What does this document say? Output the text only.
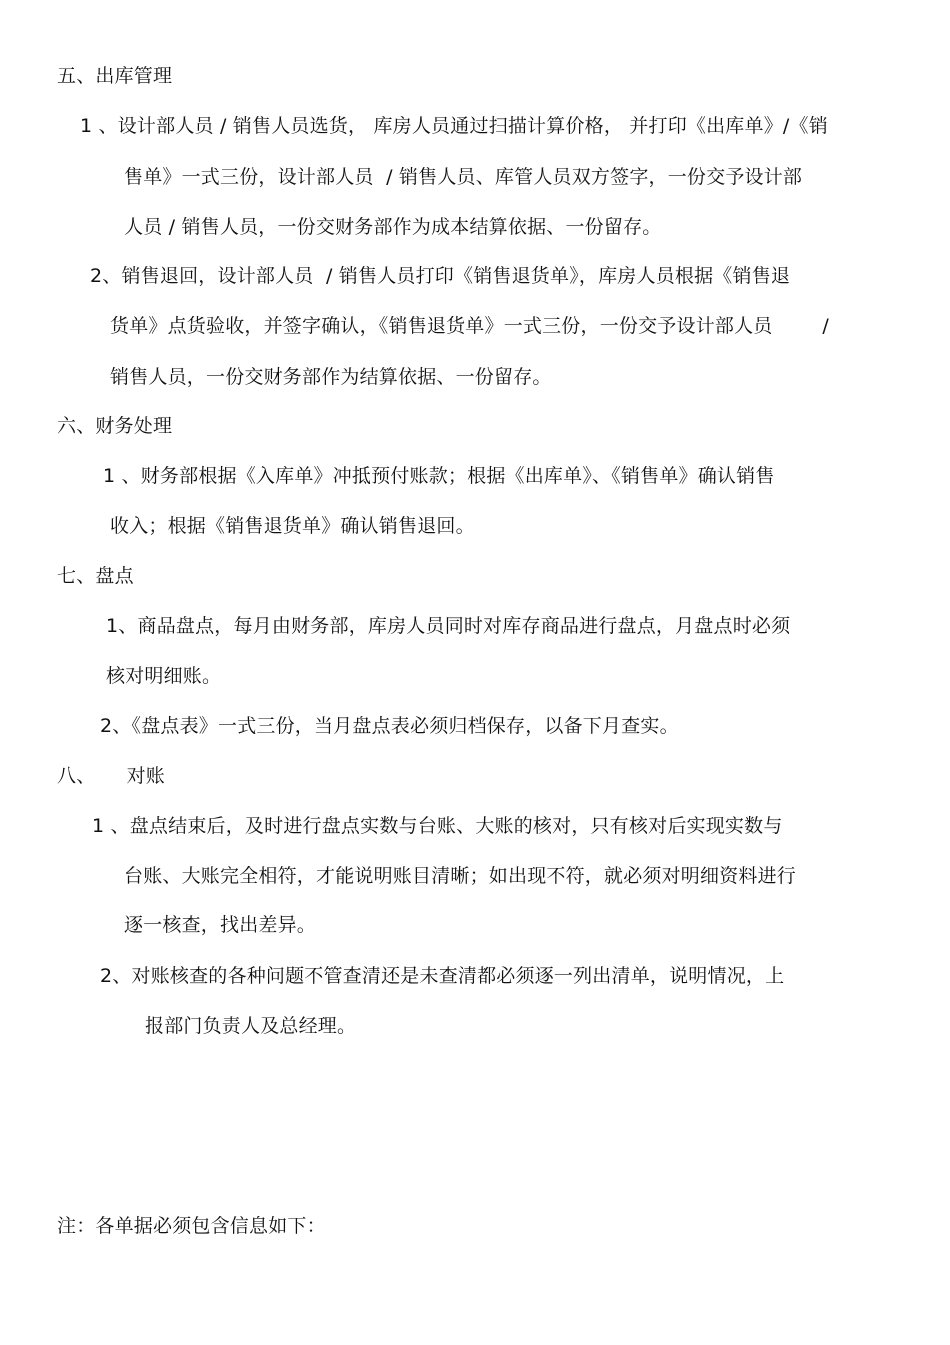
五、出库管理
1 、设计部人员 / 销售人员选货， 库房人员通过扫描计算价格， 并打印《出库单》/《销
售单》一式三份，设计部人员  / 销售人员、库管人员双方签字，一份交予设计部
人员 / 销售人员，一份交财务部作为成本结算依据、一份留存。
2、销售退回，设计部人员  / 销售人员打印《销售退货单》，库房人员根据《销售退
货单》点货验收，并签字确认，《销售退货单》一式三份，一份交予设计部人员        /
销售人员，一份交财务部作为结算依据、一份留存。
六、财务处理
1 、财务部根据《入库单》冲抵预付账款；根据《出库单》、《销售单》确认销售
收入；根据《销售退货单》确认销售退回。
七、盘点
1、商品盘点，每月由财务部，库房人员同时对库存商品进行盘点，月盘点时必须
核对明细账。
2、《盘点表》一式三份，当月盘点表必须归档保存，以备下月查实。
八、     对账
1 、盘点结束后，及时进行盘点实数与台账、大账的核对，只有核对后实现实数与
台账、大账完全相符，才能说明账目清晰；如出现不符，就必须对明细资料进行
逐一核查，找出差异。
2、对账核查的各种问题不管查清还是未查清都必须逐一列出清单，说明情况，上
报部门负责人及总经理。
注：各单据必须包含信息如下：
